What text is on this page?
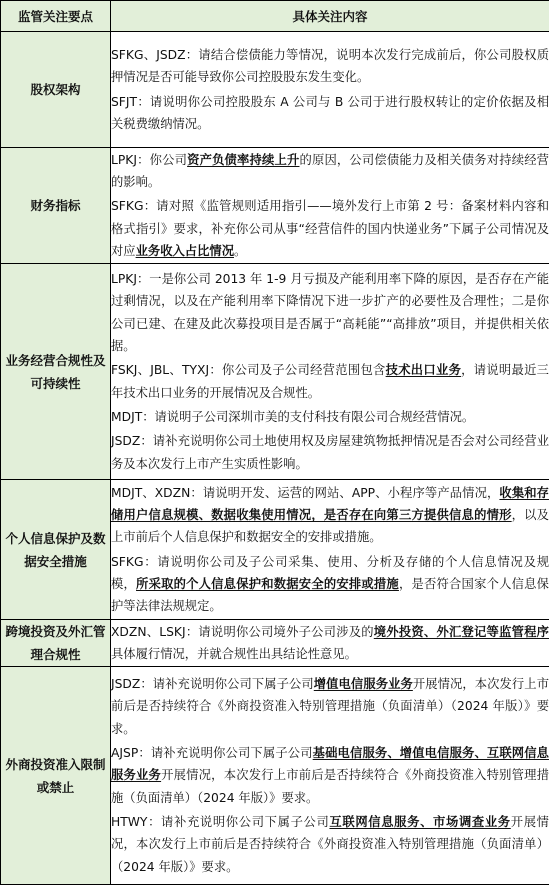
监管关注要点	具体关注内容
股权架构	SFKG、JSDZ：请结合偿债能力等情况，说明本次发行完成前后，你公司股权质押情况是否可能导致你公司控股股东发生变化。
SFJT：请说明你公司控股股东 A 公司与 B 公司于进行股权转让的定价依据及相关税费缴纳情况。

财务指标	LPKJ：你公司资产负债率持续上升的原因，公司偿债能力及相关债务对持续经营的影响。
SFKG：请对照《监管规则适用指引——境外发行上市第 2 号：备案材料内容和格式指引》要求，补充你公司从事“经营信件的国内快递业务”下属子公司情况及对应业务收入占比情况。

业务经营合规性及可持续性	LPKJ：一是你公司 2013 年 1-9 月亏损及产能利用率下降的原因，是否存在产能过剩情况，以及在产能利用率下降情况下进一步扩产的必要性及合理性；二是你公司已建、在建及此次募投项目是否属于“高耗能”“高排放”项目，并提供相关依据。
FSKJ、JBL、TYXJ：你公司及子公司经营范围包含技术出口业务，请说明最近三年技术出口业务的开展情况及合规性。
MDJT：请说明子公司深圳市美的支付科技有限公司合规经营情况。
JSDZ：请补充说明你公司土地使用权及房屋建筑物抵押情况是否会对公司经营业务及本次发行上市产生实质性影响。

个人信息保护及数据安全措施	MDJT、XDZN：请说明开发、运营的网站、APP、小程序等产品情况，收集和存储用户信息规模、数据收集使用情况，是否存在向第三方提供信息的情形，以及上市前后个人信息保护和数据安全的安排或措施。
SFKG：请说明你公司及子公司采集、使用、分析及存储的个人信息情况及规模，所采取的个人信息保护和数据安全的安排或措施，是否符合国家个人信息保护等法律法规规定。

跨境投资及外汇管理合规性	XDZN、LSKJ：请说明你公司境外子公司涉及的境外投资、外汇登记等监管程序具体履行情况，并就合规性出具结论性意见。

外商投资准入限制或禁止	JSDZ：请补充说明你公司下属子公司增值电信服务业务开展情况，本次发行上市前后是否持续符合《外商投资准入特别管理措施（负面清单）（2024 年版）》要求。
AJSP：请补充说明你公司下属子公司基础电信服务、增值电信服务、互联网信息服务业务开展情况，本次发行上市前后是否持续符合《外商投资准入特别管理措施（负面清单）（2024 年版）》要求。
HTWY：请补充说明你公司下属子公司互联网信息服务、市场调查业务开展情况，本次发行上市前后是否持续符合《外商投资准入特别管理措施（负面清单）（2024 年版）》要求。
